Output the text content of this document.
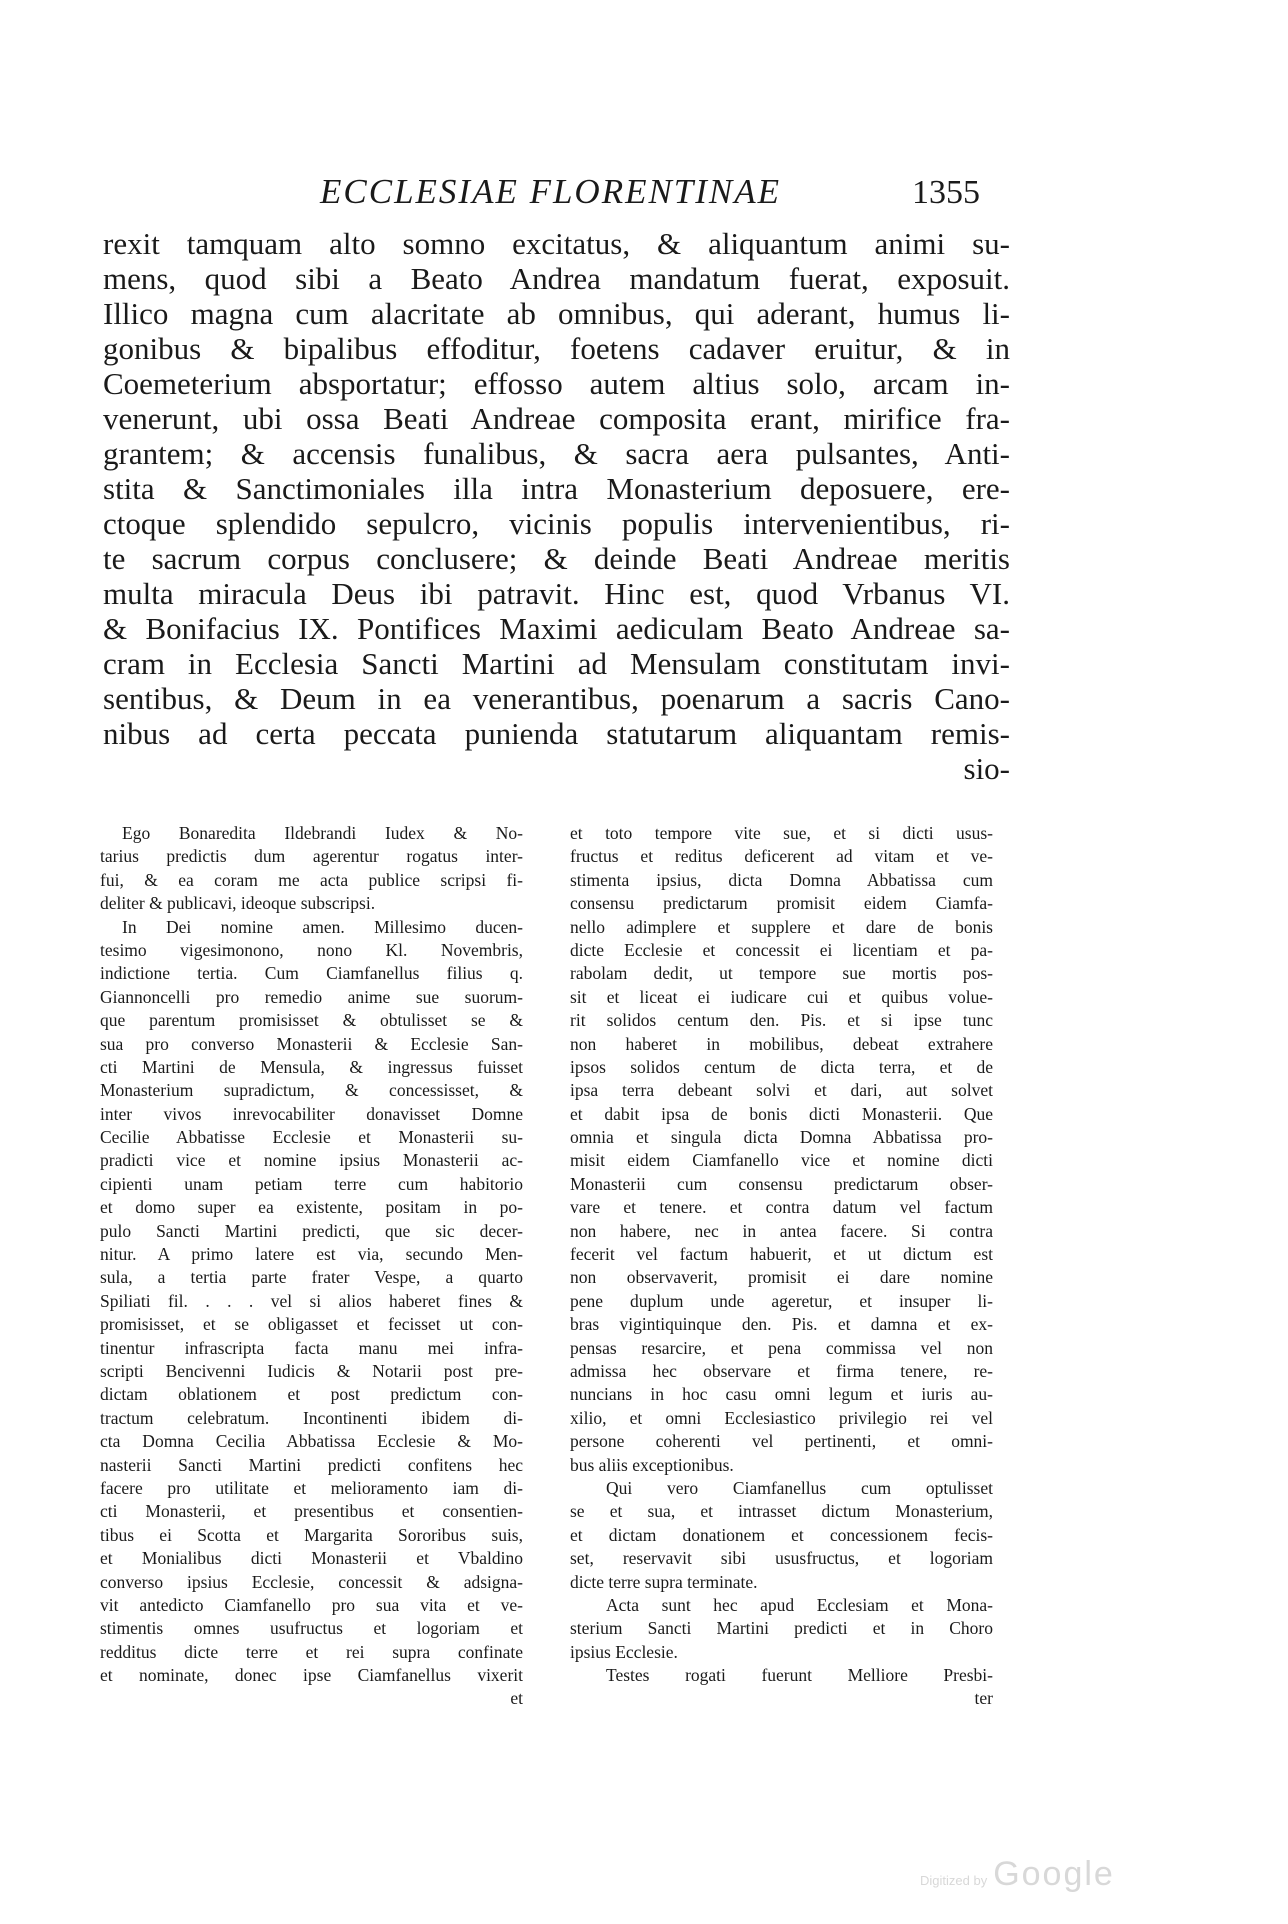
ECCLESIAE FLORENTINAE	1355
rexit tamquam alto somno excitatus, & aliquantum animi su-
mens, quod sibi a Beato Andrea mandatum fuerat, exposuit.
Illico magna cum alacritate ab omnibus, qui aderant, humus li-
gonibus & bipalibus effoditur, foetens cadaver eruitur, & in
Coemeterium absportatur; effosso autem altius solo, arcam in-
venerunt, ubi ossa Beati Andreae composita erant, mirifice fra-
grantem; & accensis funalibus, & sacra aera pulsantes, Anti-
stita & Sanctimoniales illa intra Monasterium deposuere, ere-
ctoque splendido sepulcro, vicinis populis intervenientibus, ri-
te sacrum corpus conclusere; & deinde Beati Andreae meritis
multa miracula Deus ibi patravit. Hinc est, quod Vrbanus VI.
& Bonifacius IX. Pontifices Maximi aediculam Beato Andreae sa-
cram in Ecclesia Sancti Martini ad Mensulam constitutam invi-
sentibus, & Deum in ea venerantibus, poenarum a sacris Cano-
nibus ad certa peccata punienda statutarum aliquantam remis-
sio-
Ego Bonaredita Ildebrandi Iudex & No-
tarius predictis dum agerentur rogatus inter-
fui, & ea coram me acta publice scripsi fi-
deliter & publicavi, ideoque subscripsi.
In Dei nomine amen. Millesimo ducen-
tesimo vigesimonono, nono Kl. Novembris,
indictione tertia. Cum Ciamfanellus filius q.
Giannoncelli pro remedio anime sue suorum-
que parentum promisisset & obtulisset se &
sua pro converso Monasterii & Ecclesie San-
cti Martini de Mensula, & ingressus fuisset
Monasterium supradictum, & concessisset, &
inter vivos inrevocabiliter donavisset Domne
Cecilie Abbatisse Ecclesie et Monasterii su-
pradicti vice et nomine ipsius Monasterii ac-
cipienti unam petiam terre cum habitorio
et domo super ea existente, positam in po-
pulo Sancti Martini predicti, que sic decer-
nitur. A primo latere est via, secundo Men-
sula, a tertia parte frater Vespe, a quarto
Spiliati fil. . . . vel si alios haberet fines &
promisisset, et se obligasset et fecisset ut con-
tinentur infrascripta facta manu mei infra-
scripti Bencivenni Iudicis & Notarii post pre-
dictam oblationem et post predictum con-
tractum celebratum. Incontinenti ibidem di-
cta Domna Cecilia Abbatissa Ecclesie & Mo-
nasterii Sancti Martini predicti confitens hec
facere pro utilitate et melioramento iam di-
cti Monasterii, et presentibus et consentien-
tibus ei Scotta et Margarita Sororibus suis,
et Monialibus dicti Monasterii et Vbaldino
converso ipsius Ecclesie, concessit & adsigna-
vit antedicto Ciamfanello pro sua vita et ve-
stimentis omnes usufructus et logoriam et
redditus dicte terre et rei supra confinate
et nominate, donec ipse Ciamfanellus vixerit
et
et toto tempore vite sue, et si dicti usus-
fructus et reditus deficerent ad vitam et ve-
stimenta ipsius, dicta Domna Abbatissa cum
consensu predictarum promisit eidem Ciamfa-
nello adimplere et supplere et dare de bonis
dicte Ecclesie et concessit ei licentiam et pa-
rabolam dedit, ut tempore sue mortis pos-
sit et liceat ei iudicare cui et quibus volue-
rit solidos centum den. Pis. et si ipse tunc
non haberet in mobilibus, debeat extrahere
ipsos solidos centum de dicta terra, et de
ipsa terra debeant solvi et dari, aut solvet
et dabit ipsa de bonis dicti Monasterii. Que
omnia et singula dicta Domna Abbatissa pro-
misit eidem Ciamfanello vice et nomine dicti
Monasterii cum consensu predictarum obser-
vare et tenere. et contra datum vel factum
non habere, nec in antea facere. Si contra
fecerit vel factum habuerit, et ut dictum est
non observaverit, promisit ei dare nomine
pene duplum unde ageretur, et insuper li-
bras vigintiquinque den. Pis. et damna et ex-
pensas resarcire, et pena commissa vel non
admissa hec observare et firma tenere, re-
nuncians in hoc casu omni legum et iuris au-
xilio, et omni Ecclesiastico privilegio rei vel
persone coherenti vel pertinenti, et omni-
bus aliis exceptionibus.
Qui vero Ciamfanellus cum optulisset
se et sua, et intrasset dictum Monasterium,
et dictam donationem et concessionem fecis-
set, reservavit sibi ususfructus, et logoriam
dicte terre supra terminate.
Acta sunt hec apud Ecclesiam et Mona-
sterium Sancti Martini predicti et in Choro
ipsius Ecclesie.
Testes rogati fuerunt Melliore Presbi-
ter
Digitized by Google
